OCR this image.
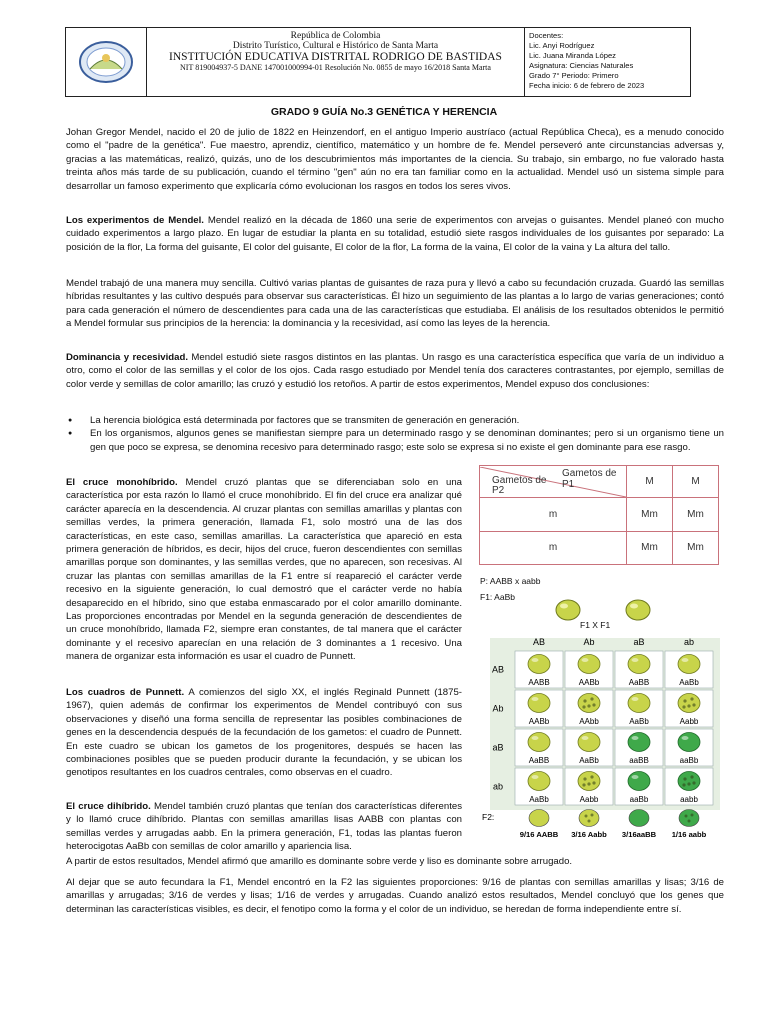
República de Colombia
Distrito Turístico, Cultural e Histórico de Santa Marta
INSTITUCIÓN EDUCATIVA DISTRITAL RODRIGO DE BASTIDAS
NIT 819004937-5 DANE 147001000994-01 Resolución No. 0855 de mayo 16/2018 Santa Marta
Docentes:
Lic. Anyi Rodríguez
Lic. Juana Miranda López
Asignatura: Ciencias Naturales
Grado 7° Periodo: Primero
Fecha inicio: 6 de febrero de 2023
GRADO 9 GUÍA No.3 GENÉTICA Y HERENCIA

Johan Gregor Mendel, nacido el 20 de julio de 1822 en Heinzendorf, en el antiguo Imperio austríaco (actual República Checa), es a menudo conocido como el "padre de la genética". Fue maestro, aprendiz, científico, matemático y un hombre de fe. Mendel perseveró ante circunstancias adversas y, gracias a las matemáticas, realizó, quizás, uno de los descubrimientos más importantes de la ciencia. Su trabajo, sin embargo, no fue valorado hasta treinta años más tarde de su publicación, cuando el término "gen" aún no era tan familiar como en la actualidad. Mendel usó un sistema simple para desarrollar un famoso experimento que explicaría cómo evolucionan los rasgos en todos los seres vivos.

Los experimentos de Mendel. Mendel realizó en la década de 1860 una serie de experimentos con arvejas o guisantes. Mendel planeó con mucho cuidado experimentos a largo plazo. En lugar de estudiar la planta en su totalidad, estudió siete rasgos individuales de los guisantes por separado: La posición de la flor, La forma del guisante, El color del guisante, El color de la flor, La forma de la vaina, El color de la vaina y La altura del tallo.

Mendel trabajó de una manera muy sencilla. Cultivó varias plantas de guisantes de raza pura y llevó a cabo su fecundación cruzada. Guardó las semillas híbridas resultantes y las cultivo después para observar sus características. Él hizo un seguimiento de las plantas a lo largo de varias generaciones; contó para cada generación el número de descendientes para cada una de las características que estudiaba. El análisis de los resultados obtenidos le permitió a Mendel formular sus principios de la herencia: la dominancia y la recesividad, así como las leyes de la herencia.

Dominancia y recesividad. Mendel estudió siete rasgos distintos en las plantas. Un rasgo es una característica específica que varía de un individuo a otro, como el color de las semillas y el color de los ojos. Cada rasgo estudiado por Mendel tenía dos caracteres contrastantes, por ejemplo, semillas de color verde y semillas de color amarillo; las cruzó y estudió los retoños. A partir de estos experimentos, Mendel expuso dos conclusiones:

● La herencia biológica está determinada por factores que se transmiten de generación en generación.
● En los organismos, algunos genes se manifiestan siempre para un determinado rasgo y se denominan dominantes; pero si un organismo tiene un gen que poco se expresa, se denomina recesivo para determinado rasgo; este solo se expresa si no existe el gen dominante para ese rasgo.

El cruce monohíbrido. Mendel cruzó plantas que se diferenciaban solo en una característica por esta razón lo llamó el cruce monohíbrido. El fin del cruce era analizar qué carácter aparecía en la descendencia. Al cruzar plantas con semillas amarillas y plantas con semillas verdes, la primera generación, llamada F1, solo mostró una de las dos características, en este caso, semillas amarillas. La característica que apareció en esta primera generación de híbridos, es decir, hijos del cruce, fueron descendientes con semillas amarillas porque son dominantes, y las semillas verdes, que no aparecen, son recesivas. Al cruzar las plantas con semillas amarillas de la F1 entre sí reapareció el carácter verde recesivo en la siguiente generación, lo cual demostró que el carácter verde no había desaparecido en el híbrido, sino que estaba enmascarado por el color amarillo dominante. Las proporciones encontradas por Mendel en la segunda generación de descendientes de un cruce monohíbrido, llamada F2, siempre eran constantes, de tal manera que el carácter dominante y el recesivo aparecían en una relación de 3 dominantes a 1 recesivo. Una manera de organizar esta información es usar el cuadro de Punnett.

Los cuadros de Punnett. A comienzos del siglo XX, el inglés Reginald Punnett (1875-1967), quien además de confirmar los experimentos de Mendel contribuyó con sus observaciones y diseñó una forma sencilla de representar las posibles combinaciones de genes en la descendencia después de la fecundación de los gametos: el cuadro de Punnett. En este cuadro se ubican los gametos de los progenitores, después se hacen las combinaciones posibles que se pueden producir durante la fecundación, y se ubican los genotipos resultantes en los cuadros centrales, como observas en el cuadro.

El cruce dihíbrido. Mendel también cruzó plantas que tenían dos características diferentes y lo llamó cruce dihíbrido. Plantas con semillas amarillas lisas AABB con plantas con semillas verdes y arrugadas aabb. En la primera generación, F1, todas las plantas fueron heterocigotas AaBb con semillas de color amarillo y apariencia lisa.

A partir de estos resultados, Mendel afirmó que amarillo es dominante sobre verde y liso es dominante sobre arrugado.

Al dejar que se auto fecundara la F1, Mendel encontró en la F2 las siguientes proporciones: 9/16 de plantas con semillas amarillas y lisas; 3/16 de amarillas y arrugadas; 3/16 de verdes y lisas; 1/16 de verdes y arrugadas. Cuando analizó estos resultados, Mendel concluyó que los genes que determinan las características visibles, es decir, el fenotipo como la forma y el color de un individuo, se heredan de forma independiente entre sí.

Gametos de P1
Gametos de P2	M	M
m	Mm	Mm
m	Mm	Mm
P: AABB x aabb
F1: AaBb
F1 X F1
AB	Ab	aB	ab
AB
AABB	AABb	AaBB	AaBb
Ab
AABb	AAbb	AaBb	Aabb
aB
AaBB	AaBb	aaBB	aaBb
ab
AaBb	Aabb	aaBb	aabb
F2:
9/16 AABB 3/16 Aabb 3/16aaBB 1/16 aabb
